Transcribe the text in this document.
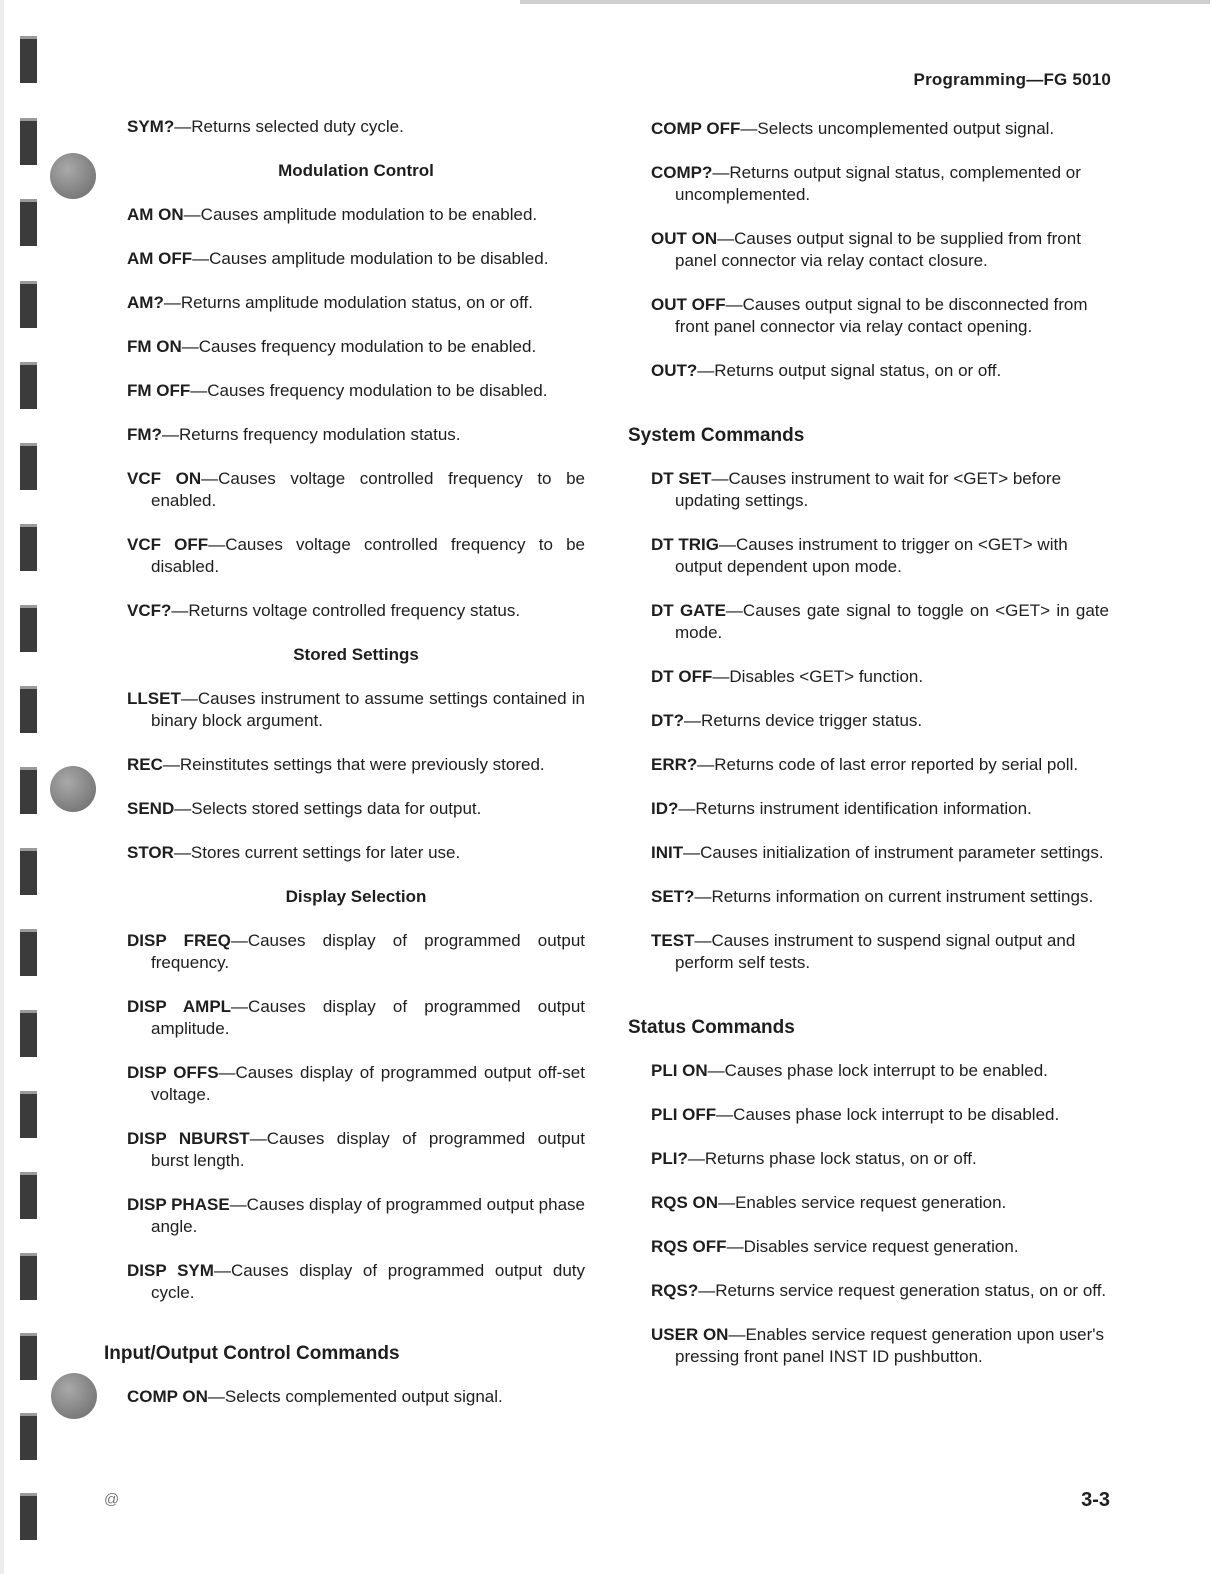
Programming—FG 5010

SYM?—Returns selected duty cycle.

Modulation Control

AM ON—Causes amplitude modulation to be enabled.

AM OFF—Causes amplitude modulation to be disabled.

AM?—Returns amplitude modulation status, on or off.

FM ON—Causes frequency modulation to be enabled.

FM OFF—Causes frequency modulation to be disabled.

FM?—Returns frequency modulation status.

VCF ON—Causes voltage controlled frequency to be enabled.

VCF OFF—Causes voltage controlled frequency to be disabled.

VCF?—Returns voltage controlled frequency status.

Stored Settings

LLSET—Causes instrument to assume settings contained in binary block argument.

REC—Reinstitutes settings that were previously stored.

SEND—Selects stored settings data for output.

STOR—Stores current settings for later use.

Display Selection

DISP FREQ—Causes display of programmed output frequency.

DISP AMPL—Causes display of programmed output amplitude.

DISP OFFS—Causes display of programmed output off-set voltage.

DISP NBURST—Causes display of programmed output burst length.

DISP PHASE—Causes display of programmed output phase angle.

DISP SYM—Causes display of programmed output duty cycle.

Input/Output Control Commands

COMP ON—Selects complemented output signal.

COMP OFF—Selects uncomplemented output signal.

COMP?—Returns output signal status, complemented or uncomplemented.

OUT ON—Causes output signal to be supplied from front panel connector via relay contact closure.

OUT OFF—Causes output signal to be disconnected from front panel connector via relay contact opening.

OUT?—Returns output signal status, on or off.

System Commands

DT SET—Causes instrument to wait for <GET> before updating settings.

DT TRIG—Causes instrument to trigger on <GET> with output dependent upon mode.

DT GATE—Causes gate signal to toggle on <GET> in gate mode.

DT OFF—Disables <GET> function.

DT?—Returns device trigger status.

ERR?—Returns code of last error reported by serial poll.

ID?—Returns instrument identification information.

INIT—Causes initialization of instrument parameter settings.

SET?—Returns information on current instrument settings.

TEST—Causes instrument to suspend signal output and perform self tests.

Status Commands

PLI ON—Causes phase lock interrupt to be enabled.

PLI OFF—Causes phase lock interrupt to be disabled.

PLI?—Returns phase lock status, on or off.

RQS ON—Enables service request generation.

RQS OFF—Disables service request generation.

RQS?—Returns service request generation status, on or off.

USER ON—Enables service request generation upon user's pressing front panel INST ID pushbutton.

@	3-3
